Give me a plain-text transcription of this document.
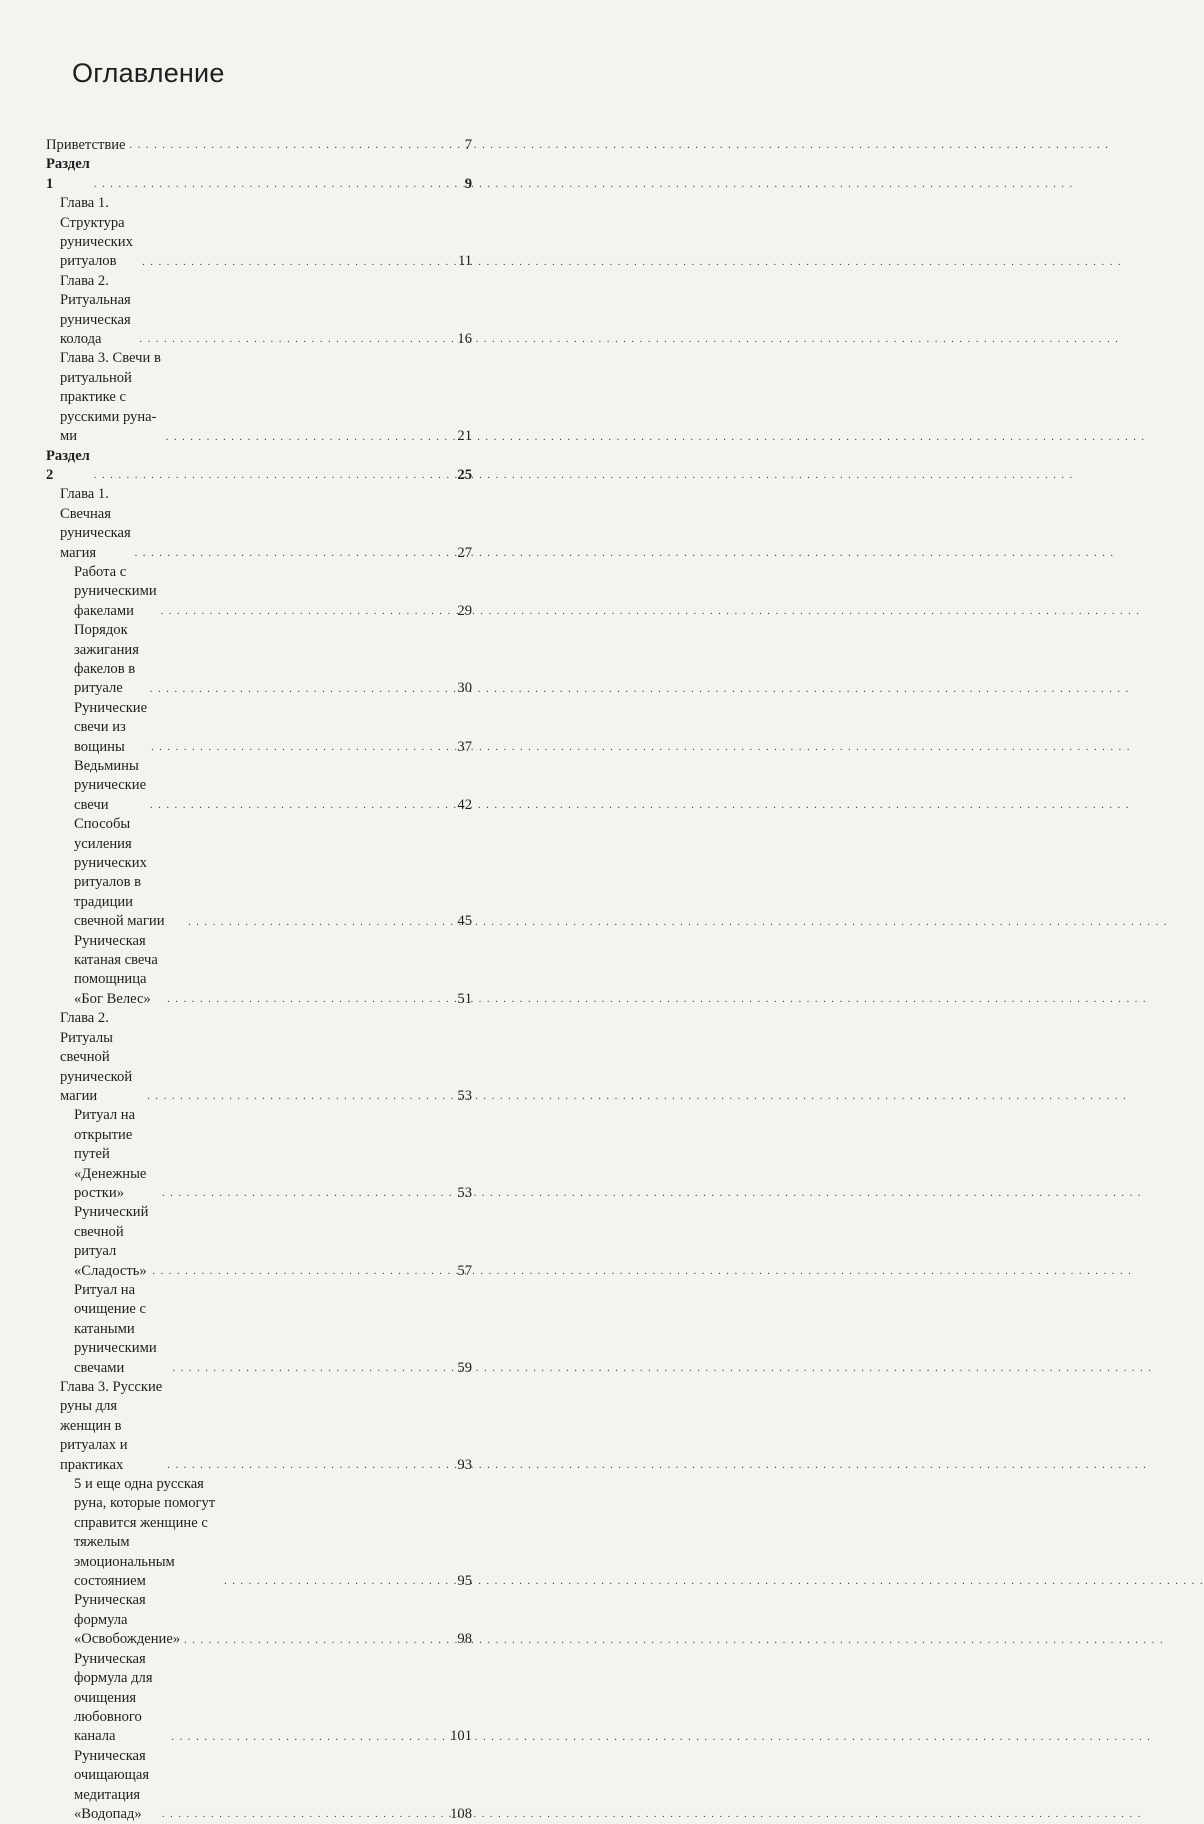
Оглавление
Приветствие . . .	7
Раздел 1 . . .	9
Глава 1. Структура рунических ритуалов . . .	11
Глава 2. Ритуальная руническая колода . . .	16
Глава 3. Свечи в ритуальной практике с русскими рунами . . .	21
Раздел 2 . . .	25
Глава 1. Свечная руническая магия . . .	27
Работа с руническими факелами . . .	29
Порядок зажигания факелов в ритуале . . .	30
Рунические свечи из вощины . . .	37
Ведьмины рунические свечи . . .	42
Способы усиления рунических ритуалов в традиции свечной магии . . .	45
Руническая катаная свеча помощница «Бог Велес» . . .	51
Глава 2. Ритуалы свечной рунической магии . . .	53
Ритуал на открытие путей «Денежные ростки» . . .	53
Рунический свечной ритуал «Сладость» . . .	57
Ритуал на очищение с катаными руническими свечами . . .	59
Глава 3. Русские руны для женщин в ритуалах и практиках . . .	93
5 и еще одна русская руна, которые помогут справится женщине с тяжелым эмоциональным состоянием . . .	95
Руническая формула «Освобождение» . . .	98
Руническая формула для очищения любовного канала . . .	101
Руническая очищающая медитация «Водопад» . . .	108
